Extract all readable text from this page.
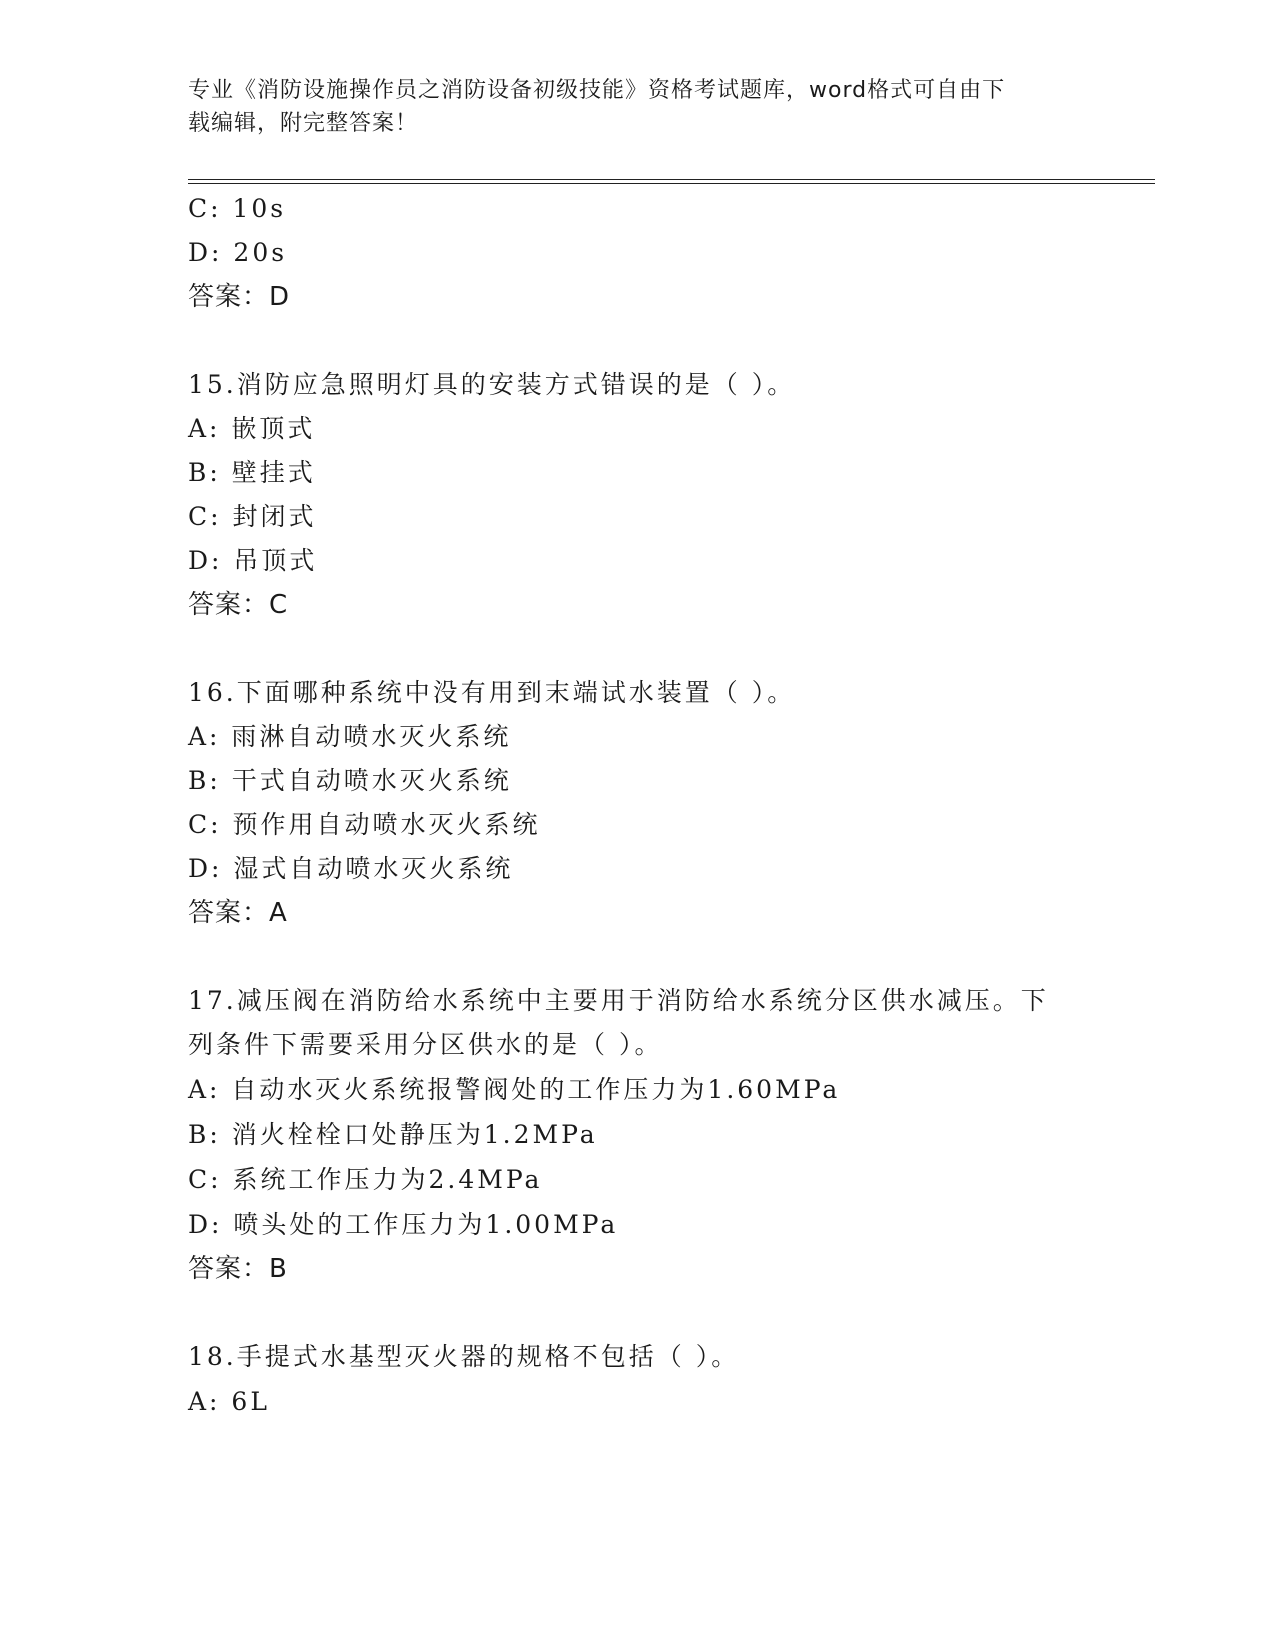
专业《消防设施操作员之消防设备初级技能》资格考试题库，word格式可自由下
载编辑，附完整答案！
C: 10s
D: 20s
答案：D
15.消防应急照明灯具的安装方式错误的是（ ）。
A: 嵌顶式
B: 壁挂式
C: 封闭式
D: 吊顶式
答案：C
16.下面哪种系统中没有用到末端试水装置（ ）。
A: 雨淋自动喷水灭火系统
B: 干式自动喷水灭火系统
C: 预作用自动喷水灭火系统
D: 湿式自动喷水灭火系统
答案：A
17.减压阀在消防给水系统中主要用于消防给水系统分区供水减压。下
列条件下需要采用分区供水的是（ ）。
A: 自动水灭火系统报警阀处的工作压力为1.60MPa
B: 消火栓栓口处静压为1.2MPa
C: 系统工作压力为2.4MPa
D: 喷头处的工作压力为1.00MPa
答案：B
18.手提式水基型灭火器的规格不包括（ ）。
A: 6L
